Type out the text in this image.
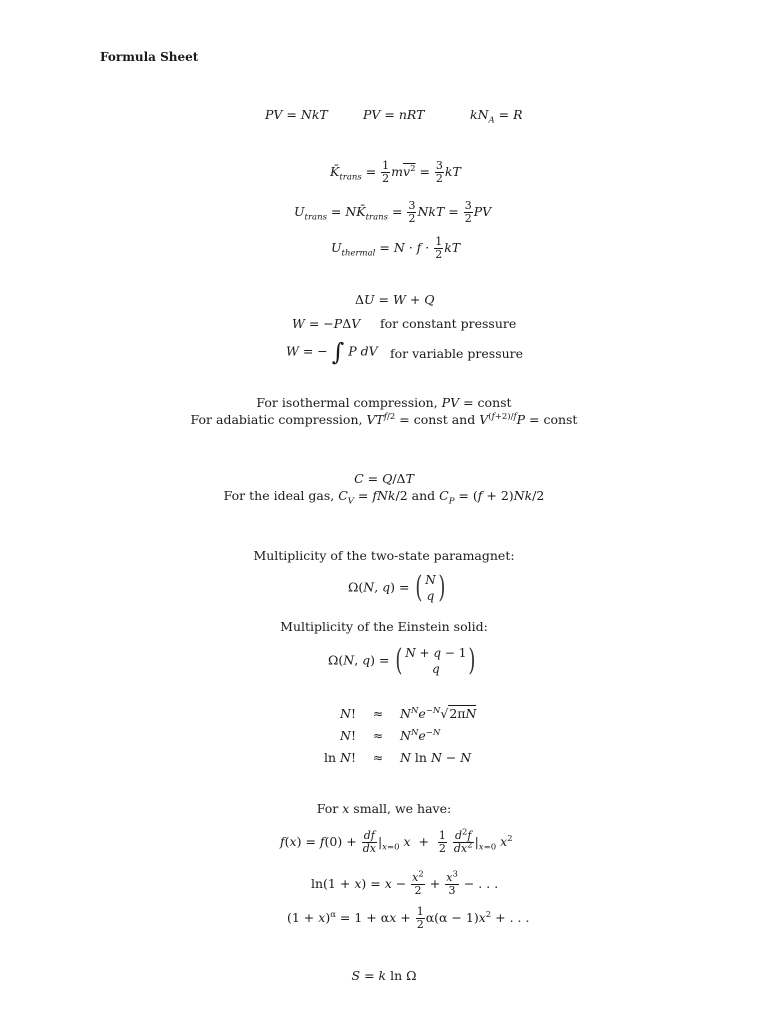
Formula Sheet
PV = NkT	PV = nRT	$kN_A = R$
$K̄_{trans} = \frac{1}{2} mv^2 = \frac{3}{2}$ kT
$U_{trans}$ = $NK̄_{trans} = \frac{3}{2}$ NkT = $\frac{3}{2}$ PV
$U_{thermal} = N \cdot f \cdot \frac{1}{2}$ kT
ΔU = W + Q
W = −PΔV for constant pressure
W = − ∫ P dV for variable pressure
For isothermal compression, PV = const
For adabiatic compression, $VT^{f/2}$ = const and $V^{(f+2)/f}P$ = const
C = Q/ΔT
For the ideal gas, $C_V = fNk/2$ and $C_P = (f + 2)Nk/2$
Multiplicity of the two-state paramagnet:
Ω(N, q) = ( N
q )
Multiplicity of the Einstein solid:
Ω(N, q) = ( N + q − 1
q )
N!	≈	$N^Ne^{-N}√2\pi N$
N!	≈	$N^Ne^{-N}$
ln N!	≈	N ln N − N
For x small, we have:
$f(x) = f(0) + \frac{df}{dx} |_{x=0}$ $x + \frac{1}{2}$
$\frac{d^2f}{dx^2} |_{x=0}$ $x^2$
$\ln(1 + x) = x - \frac{x^2}{2} + \frac{x^3}{3}$ − . . .
$(1 + x)^\alpha = 1 + \alpha x + \frac{1}{2} \alpha(\alpha - 1)x^2$ + . . .
S = k ln Ω
